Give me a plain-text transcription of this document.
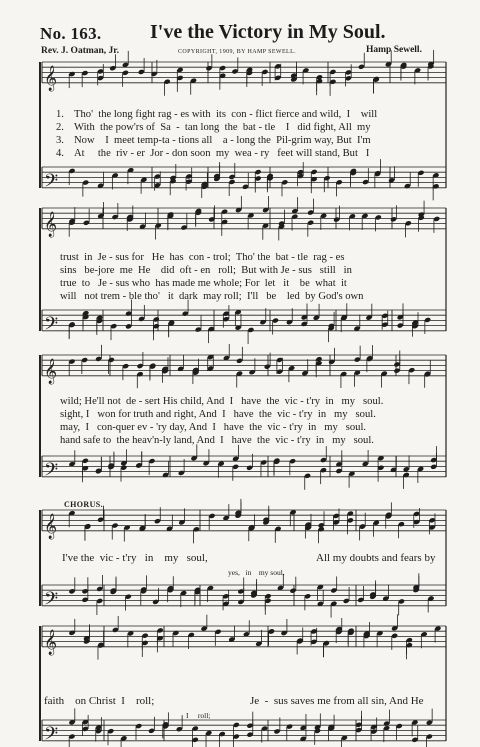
No. 163. I've the Victory in My Soul.
Rev. J. Oatman, Jr.	COPYRIGHT, 1909, BY HAMP SEWELL.	Hamp Sewell.
𝄞
𝄢
𝄞
𝄢
𝄞
𝄢
𝄞
𝄢
𝄞
𝄢
1. Tho'  the long fight rag - es with  its  con - flict fierce and wild,  I    will
2. With  the pow'rs of  Sa  -  tan long  the  bat - tle    I   did fight, All  my
3. Now    I  meet temp-ta - tions all    a - long the  Pil-grim way, But  I'm
4. At     the  riv - er  Jor - don soon  my  wea - ry   feet will stand, But   I
trust  in  Je - sus for   He  has  con - trol;  Tho' the  bat - tle  rag - es
sins   be-jore  me  He    did  oft - en   roll;  But with Je - sus   still   in
true  to   Je - sus who  has made me whole; For  let   it    be  what  it
will   not trem - ble tho'   it  dark  may roll;  I'll   be    led  by God's own
wild; He'll not  de - sert His child, And  I   have  the  vic - t'ry  in   my   soul.
sight, I   won for truth and right, And  I   have  the  vic - t'ry  in   my   soul.
may,  I   con-quer ev - 'ry day, And  I   have  the  vic - t'ry  in   my   soul.
hand safe to  the heav'n-ly land, And  I   have  the  vic - t'ry  in   my   soul.
CHORUS.
I've the  vic - t'ry   in    my   soul,
yes,   in    my soul,
All my doubts and fears by
faith    on Christ  I    roll;	Je  -  sus saves me from all sin, And He
I     roll;
